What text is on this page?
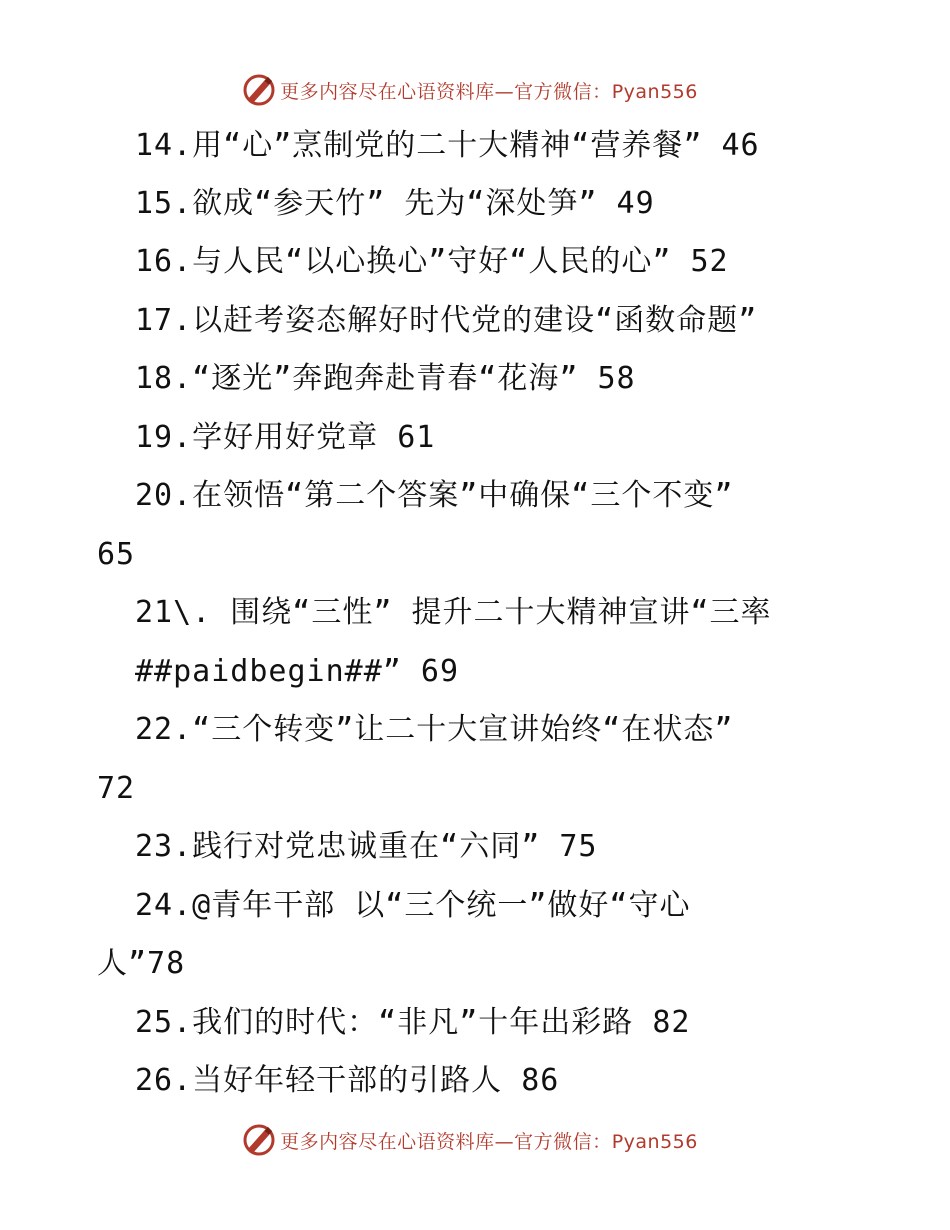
更多内容尽在心语资料库—官方微信：Pyan556
14.用“心”烹制党的二十大精神“营养餐” 46
15.欲成“参天竹” 先为“深处笋” 49
16.与人民“以心换心”守好“人民的心” 52
17.以赶考姿态解好时代党的建设“函数命题”
18.“逐光”奔跑奔赴青春“花海” 58
19.学好用好党章 61
20.在领悟“第二个答案”中确保“三个不变”
65
21\. 围绕“三性” 提升二十大精神宣讲“三率
##paidbegin##” 69
22.“三个转变”让二十大宣讲始终“在状态”
72
23.践行对党忠诚重在“六同” 75
24.@青年干部 以“三个统一”做好“守心
人”78
25.我们的时代：“非凡”十年出彩路 82
26.当好年轻干部的引路人 86
更多内容尽在心语资料库—官方微信：Pyan556
